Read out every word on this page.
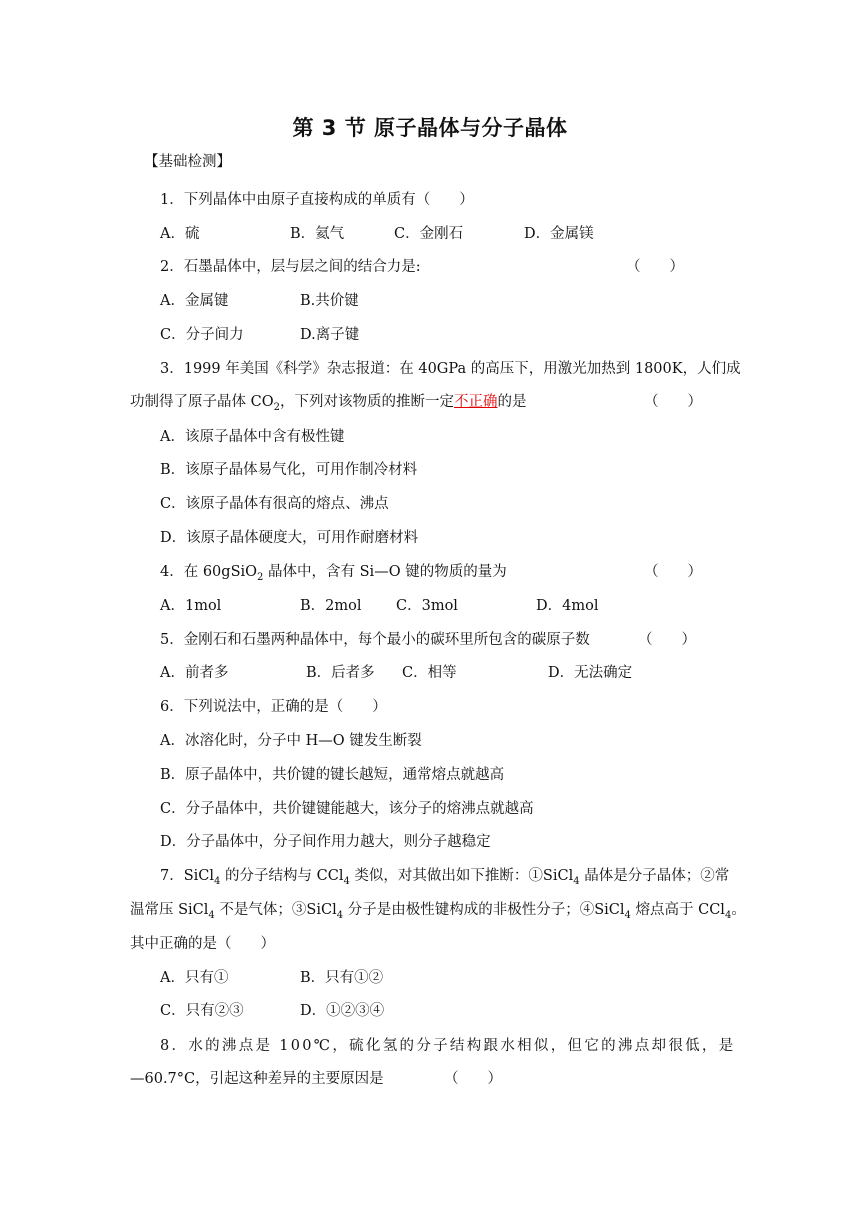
第 3 节 原子晶体与分子晶体
【基础检测】
1．下列晶体中由原子直接构成的单质有（　　）
A．硫	B．氦气	C．金刚石	D．金属镁
2．石墨晶体中，层与层之间的结合力是:	（　　）
A．金属键	B.共价键
C．分子间力	D.离子键
3．1999 年美国《科学》杂志报道：在 40GPa 的高压下，用激光加热到 1800K，人们成
功制得了原子晶体 $CO_2$，下列对该物质的推断一定不正确的是	（　　）
A．该原子晶体中含有极性键
B．该原子晶体易气化，可用作制冷材料
C．该原子晶体有很高的熔点、沸点
D．该原子晶体硬度大，可用作耐磨材料
4．在 60gSiO$_2$ 晶体中，含有 Si—O 键的物质的量为	（　　）
A．1mol	B．2mol C．3mol	D．4mol
5．金刚石和石墨两种晶体中，每个最小的碳环里所包含的碳原子数	（　　）
A．前者多	B．后者多 C．相等	D．无法确定
6．下列说法中，正确的是（　　）
A．冰溶化时，分子中 H—O 键发生断裂
B．原子晶体中，共价键的键长越短，通常熔点就越高
C．分子晶体中，共价键键能越大，该分子的熔沸点就越高
D．分子晶体中，分子间作用力越大，则分子越稳定
7．SiCl$_4$ 的分子结构与 CCl$_4$ 类似，对其做出如下推断：①SiCl$_4$ 晶体是分子晶体；②常
温常压 SiCl$_4$ 不是气体；③SiCl$_4$ 分子是由极性键构成的非极性分子；④SiCl$_4$ 熔点高于 CCl$_4$。
其中正确的是（　　）
A．只有①	B．只有①②
C．只有②③	D．①②③④
8．水的沸点是 100℃，硫化氢的分子结构跟水相似，但它的沸点却很低，是
—60.7°C，引起这种差异的主要原因是	（　　）
